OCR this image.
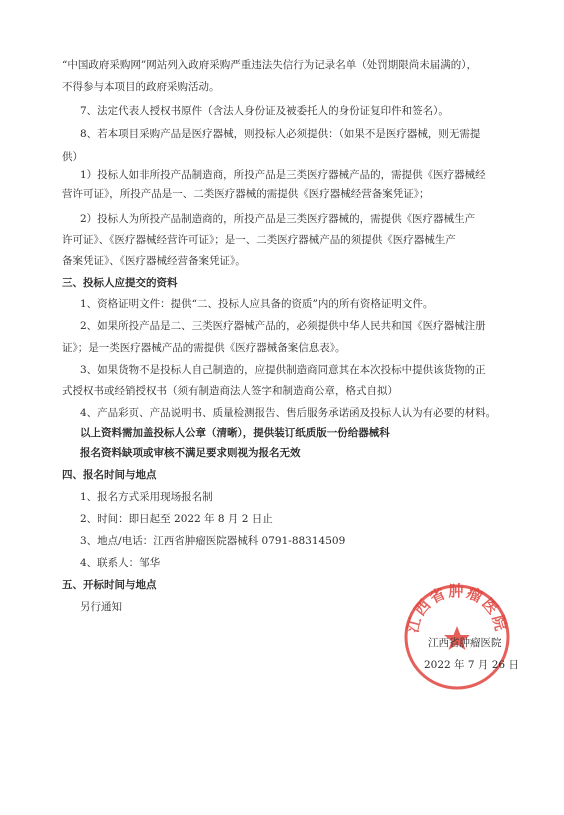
“中国政府采购网”网站列入政府采购严重违法失信行为记录名单（处罚期限尚未届满的），
不得参与本项目的政府采购活动。
7、法定代表人授权书原件（含法人身份证及被委托人的身份证复印件和签名）。
8、若本项目采购产品是医疗器械，则投标人必须提供：（如果不是医疗器械，则无需提
供）
1）投标人如非所投产品制造商，所投产品是三类医疗器械产品的，需提供《医疗器械经
营许可证》，所投产品是一、二类医疗器械的需提供《医疗器械经营备案凭证》；
2）投标人为所投产品制造商的，所投产品是三类医疗器械的，需提供《医疗器械生产
许可证》、《医疗器械经营许可证》；是一、二类医疗器械产品的须提供《医疗器械生产
备案凭证》、《医疗器械经营备案凭证》。
三、投标人应提交的资料
1、资格证明文件：提供“二、投标人应具备的资质”内的所有资格证明文件。
2、如果所投产品是二、三类医疗器械产品的，必须提供中华人民共和国《医疗器械注册
证》；是一类医疗器械产品的需提供《医疗器械备案信息表》。
3、如果货物不是投标人自己制造的，应提供制造商同意其在本次投标中提供该货物的正
式授权书或经销授权书（须有制造商法人签字和制造商公章，格式自拟）
4、产品彩页、产品说明书、质量检测报告、售后服务承诺函及投标人认为有必要的材料。
以上资料需加盖投标人公章（清晰），提供装订纸质版一份给器械科
报名资料缺项或审核不满足要求则视为报名无效
四、报名时间与地点
1、报名方式采用现场报名制
2、时间：即日起至 2022 年 8 月 2 日止
3、地点/电话：江西省肿瘤医院器械科 0791-88314509
4、联系人：邹华
五、开标时间与地点
另行通知
江西省肿瘤医院
江西省肿瘤医院
2022 年 7 月 26 日
